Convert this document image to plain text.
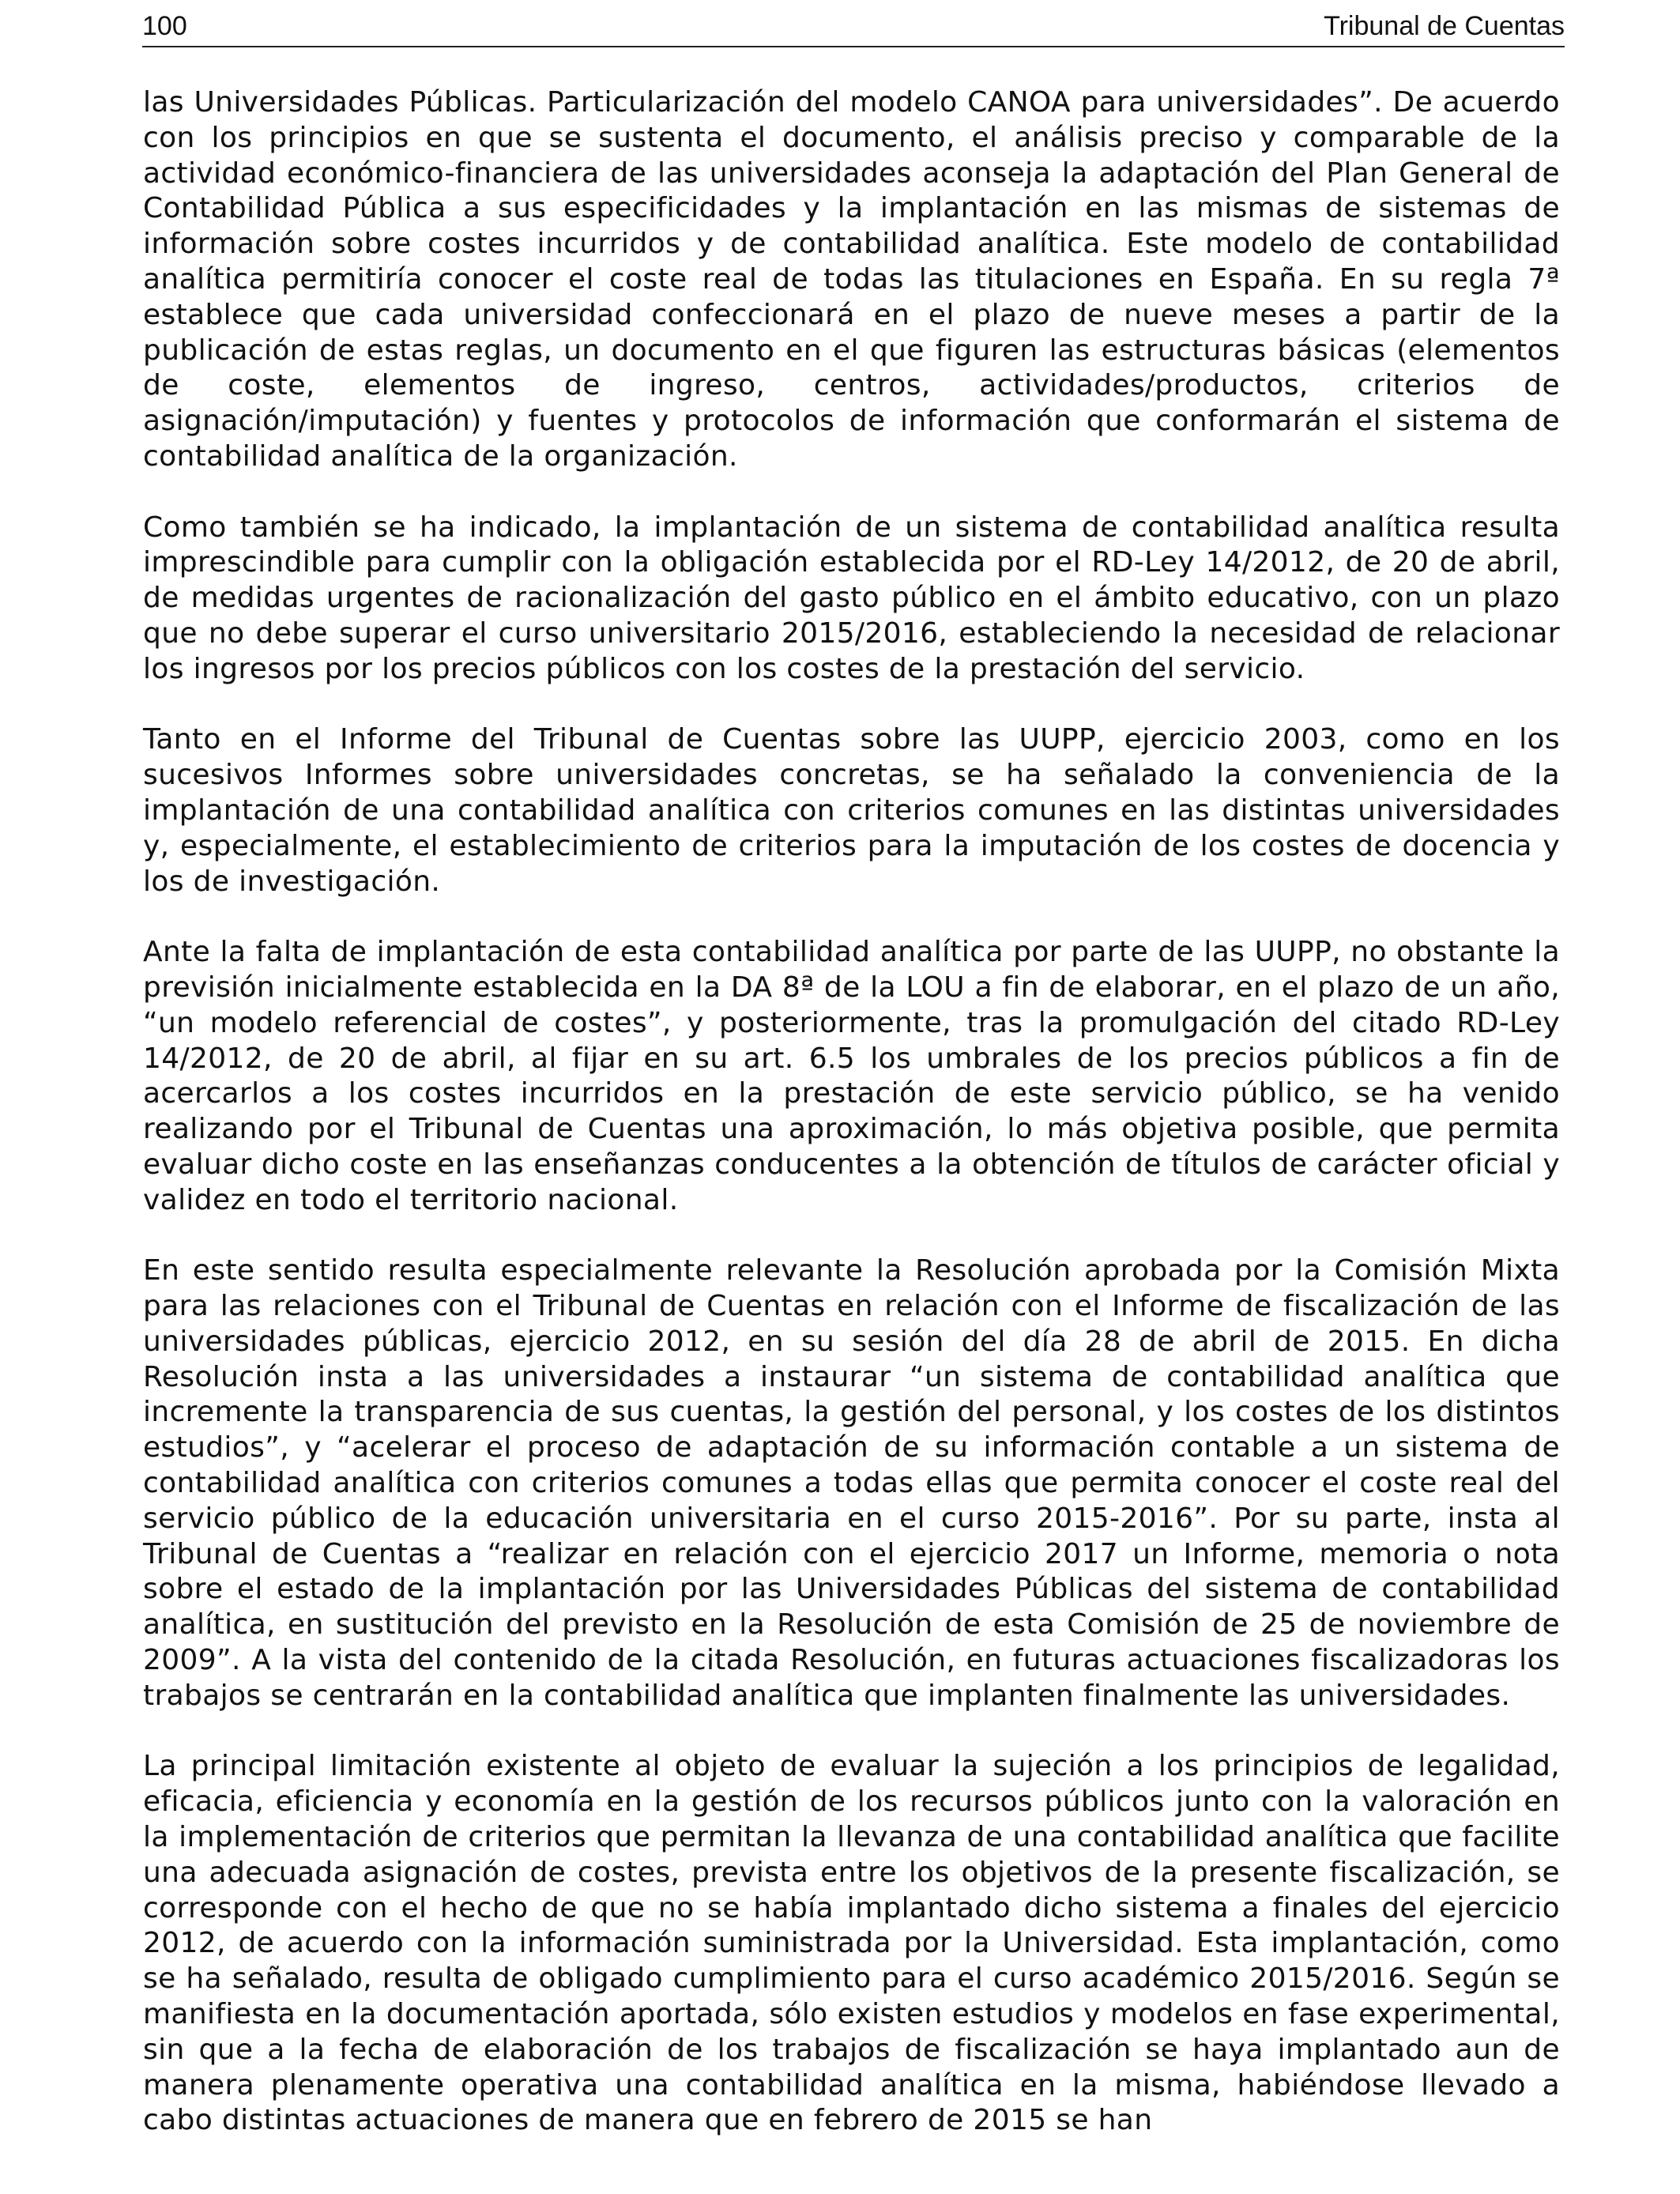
100	Tribunal de Cuentas

las Universidades Públicas. Particularización del modelo CANOA para universidades”. De acuerdo con los principios en que se sustenta el documento, el análisis preciso y comparable de la actividad económico-financiera de las universidades aconseja la adaptación del Plan General de Contabilidad Pública a sus especificidades y la implantación en las mismas de sistemas de información sobre costes incurridos y de contabilidad analítica. Este modelo de contabilidad analítica permitiría conocer el coste real de todas las titulaciones en España. En su regla 7ª establece que cada universidad confeccionará en el plazo de nueve meses a partir de la publicación de estas reglas, un documento en el que figuren las estructuras básicas (elementos de coste, elementos de ingreso, centros, actividades/productos, criterios de asignación/imputación) y fuentes y protocolos de información que conformarán el sistema de contabilidad analítica de la organización.

Como también se ha indicado, la implantación de un sistema de contabilidad analítica resulta imprescindible para cumplir con la obligación establecida por el RD-Ley 14/2012, de 20 de abril, de medidas urgentes de racionalización del gasto público en el ámbito educativo, con un plazo que no debe superar el curso universitario 2015/2016, estableciendo la necesidad de relacionar los ingresos por los precios públicos con los costes de la prestación del servicio.

Tanto en el Informe del Tribunal de Cuentas sobre las UUPP, ejercicio 2003, como en los sucesivos Informes sobre universidades concretas, se ha señalado la conveniencia de la implantación de una contabilidad analítica con criterios comunes en las distintas universidades y, especialmente, el establecimiento de criterios para la imputación de los costes de docencia y los de investigación.

Ante la falta de implantación de esta contabilidad analítica por parte de las UUPP, no obstante la previsión inicialmente establecida en la DA 8ª de la LOU a fin de elaborar, en el plazo de un año, “un modelo referencial de costes”, y posteriormente, tras la promulgación del citado RD-Ley 14/2012, de 20 de abril, al fijar en su art. 6.5 los umbrales de los precios públicos a fin de acercarlos a los costes incurridos en la prestación de este servicio público, se ha venido realizando por el Tribunal de Cuentas una aproximación, lo más objetiva posible, que permita evaluar dicho coste en las enseñanzas conducentes a la obtención de títulos de carácter oficial y validez en todo el territorio nacional.

En este sentido resulta especialmente relevante la Resolución aprobada por la Comisión Mixta para las relaciones con el Tribunal de Cuentas en relación con el Informe de fiscalización de las universidades públicas, ejercicio 2012, en su sesión del día 28 de abril de 2015. En dicha Resolución insta a las universidades a instaurar “un sistema de contabilidad analítica que incremente la transparencia de sus cuentas, la gestión del personal, y los costes de los distintos estudios”, y “acelerar el proceso de adaptación de su información contable a un sistema de contabilidad analítica con criterios comunes a todas ellas que permita conocer el coste real del servicio público de la educación universitaria en el curso 2015-2016”. Por su parte, insta al Tribunal de Cuentas a “realizar en relación con el ejercicio 2017 un Informe, memoria o nota sobre el estado de la implantación por las Universidades Públicas del sistema de contabilidad analítica, en sustitución del previsto en la Resolución de esta Comisión de 25 de noviembre de 2009”. A la vista del contenido de la citada Resolución, en futuras actuaciones fiscalizadoras los trabajos se centrarán en la contabilidad analítica que implanten finalmente las universidades.

La principal limitación existente al objeto de evaluar la sujeción a los principios de legalidad, eficacia, eficiencia y economía en la gestión de los recursos públicos junto con la valoración en la implementación de criterios que permitan la llevanza de una contabilidad analítica que facilite una adecuada asignación de costes, prevista entre los objetivos de la presente fiscalización, se corresponde con el hecho de que no se había implantado dicho sistema a finales del ejercicio 2012, de acuerdo con la información suministrada por la Universidad. Esta implantación, como se ha señalado, resulta de obligado cumplimiento para el curso académico 2015/2016. Según se manifiesta en la documentación aportada, sólo existen estudios y modelos en fase experimental, sin que a la fecha de elaboración de los trabajos de fiscalización se haya implantado aun de manera plenamente operativa una contabilidad analítica en la misma, habiéndose llevado a cabo distintas actuaciones de manera que en febrero de 2015 se han
